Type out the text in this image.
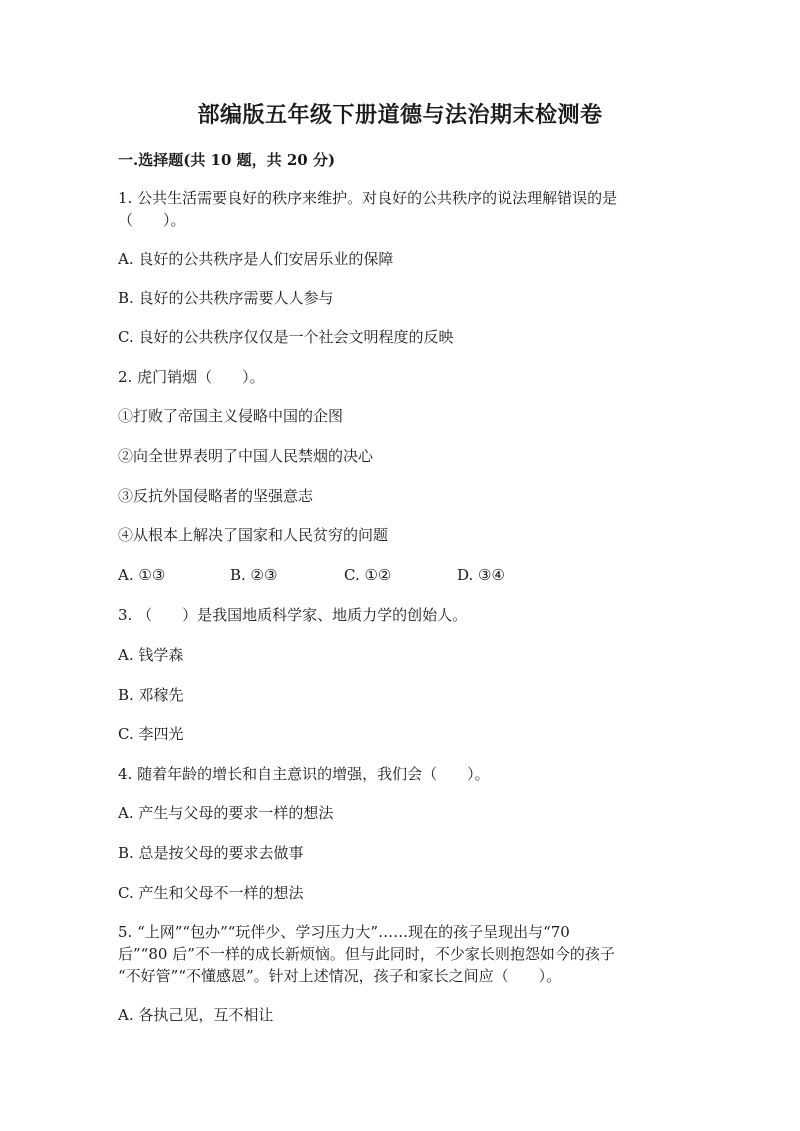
部编版五年级下册道德与法治期末检测卷
一.选择题(共 10 题，共 20 分)
1. 公共生活需要良好的秩序来维护。对良好的公共秩序的说法理解错误的是
（　　）。
A. 良好的公共秩序是人们安居乐业的保障
B. 良好的公共秩序需要人人参与
C. 良好的公共秩序仅仅是一个社会文明程度的反映
2. 虎门销烟（　　）。
①打败了帝国主义侵略中国的企图
②向全世界表明了中国人民禁烟的决心
③反抗外国侵略者的坚强意志
④从根本上解决了国家和人民贫穷的问题
A. ①③	B. ②③	C. ①②	D. ③④
3. （　　）是我国地质科学家、地质力学的创始人。
A. 钱学森
B. 邓稼先
C. 李四光
4. 随着年龄的增长和自主意识的增强，我们会（　　）。
A. 产生与父母的要求一样的想法
B. 总是按父母的要求去做事
C. 产生和父母不一样的想法
5. “上网”“包办”“玩伴少、学习压力大”……现在的孩子呈现出与“70
后”“80 后”不一样的成长新烦恼。但与此同时，不少家长则抱怨如今的孩子
“不好管”“不懂感恩”。针对上述情况，孩子和家长之间应（　　）。
A. 各执己见，互不相让
